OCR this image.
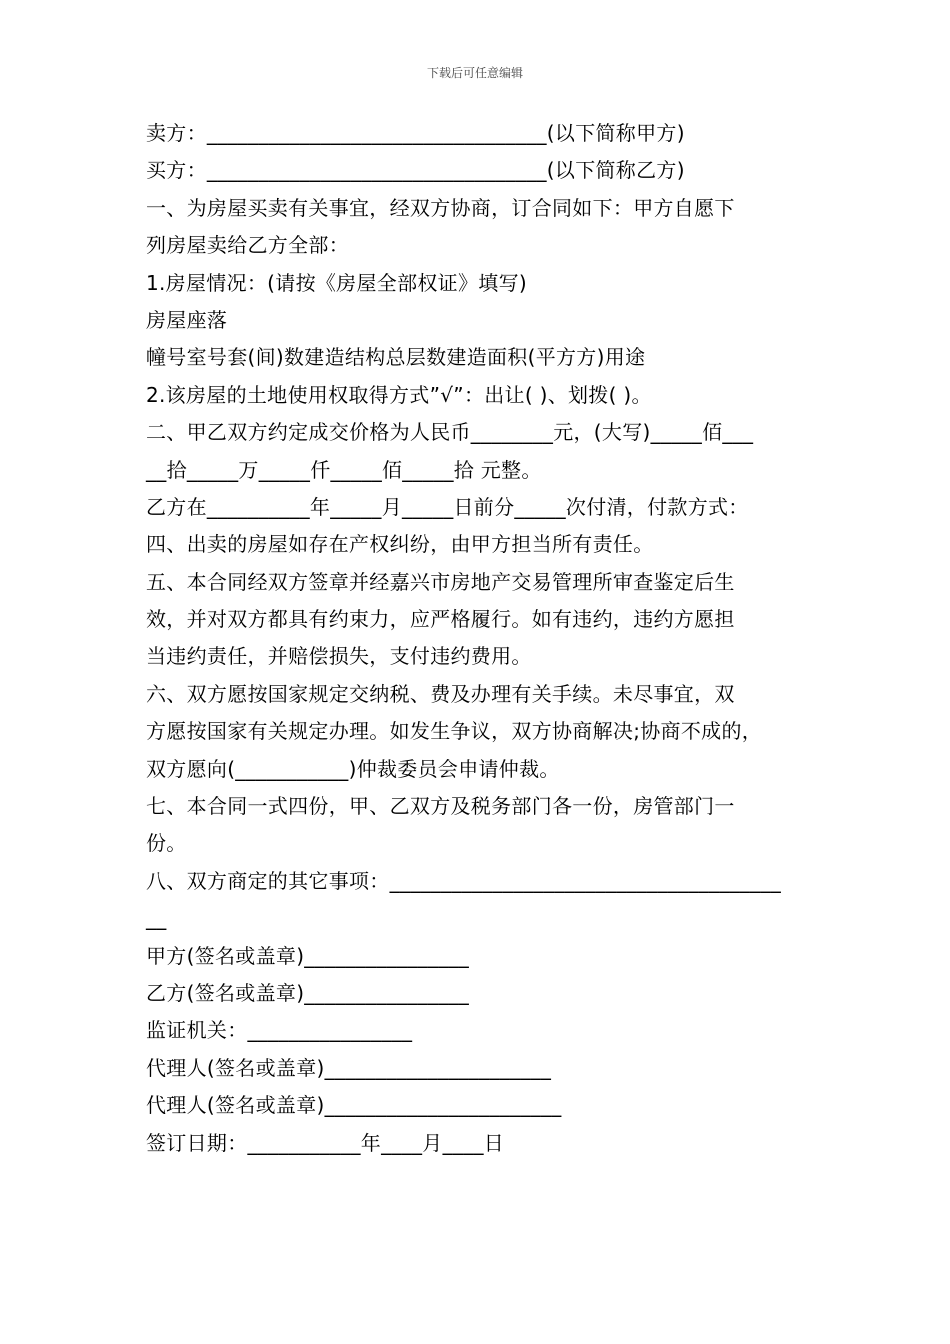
下载后可任意编辑
卖方：_________________________________(以下简称甲方)
买方：_________________________________(以下简称乙方)
一、为房屋买卖有关事宜，经双方协商，订合同如下：甲方自愿下
列房屋卖给乙方全部：
1.房屋情况：(请按《房屋全部权证》填写)
房屋座落
幢号室号套(间)数建造结构总层数建造面积(平方方)用途
2.该房屋的土地使用权取得方式”√”：出让( )、划拨( )。
二、甲乙双方约定成交价格为人民币________元，(大写)_____佰___
__拾_____万_____仟_____佰_____拾 元整。
乙方在__________年_____月_____日前分_____次付清，付款方式：
四、出卖的房屋如存在产权纠纷，由甲方担当所有责任。
五、本合同经双方签章并经嘉兴市房地产交易管理所审查鉴定后生
效，并对双方都具有约束力，应严格履行。如有违约，违约方愿担
当违约责任，并赔偿损失，支付违约费用。
六、双方愿按国家规定交纳税、费及办理有关手续。未尽事宜，双
方愿按国家有关规定办理。如发生争议，双方协商解决;协商不成的，
双方愿向(___________)仲裁委员会申请仲裁。
七、本合同一式四份，甲、乙双方及税务部门各一份，房管部门一
份。
八、双方商定的其它事项：______________________________________
__
甲方(签名或盖章)________________
乙方(签名或盖章)________________
监证机关：________________
代理人(签名或盖章)______________________
代理人(签名或盖章)_______________________
签订日期：___________年____月____日
